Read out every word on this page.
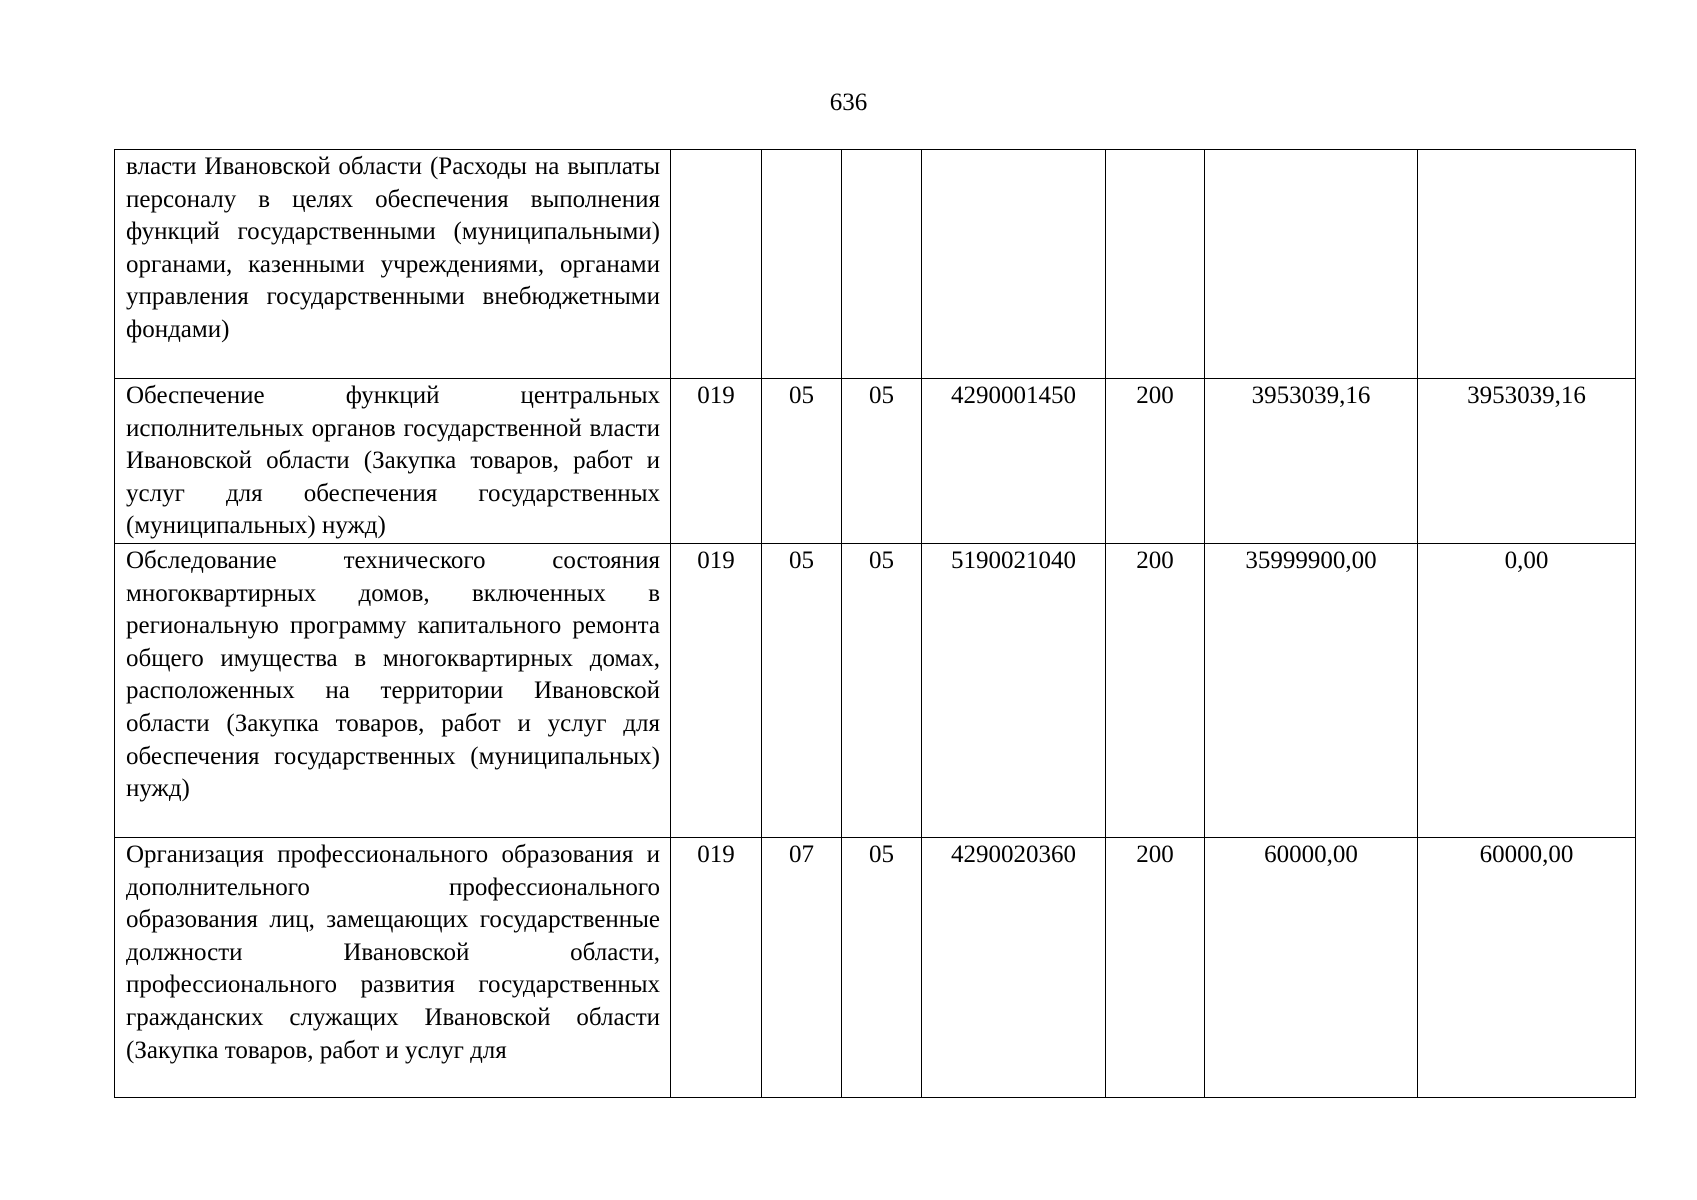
636
власти Ивановской области (Расходы на выплаты персоналу в целях обеспечения выполнения функций государственными (муниципальными) органами, казенными учреждениями, органами управления государственными внебюджетными фондами)							
Обеспечение функций центральных исполнительных органов государственной власти Ивановской области (Закупка товаров, работ и услуг для обеспечения государственных (муниципальных) нужд)	019	05	05	4290001450	200	3953039,16	3953039,16
Обследование технического состояния многоквартирных домов, включенных в региональную программу капитального ремонта общего имущества в многоквартирных домах, расположенных на территории Ивановской области (Закупка товаров, работ и услуг для обеспечения государственных (муниципальных) нужд)	019	05	05	5190021040	200	35999900,00	0,00

Организация профессионального образования и дополнительного профессионального образования лиц, замещающих государственные должности Ивановской области, профессионального развития государственных гражданских служащих Ивановской области (Закупка товаров, работ и услуг для	019	07	05	4290020360	200	60000,00	60000,00
